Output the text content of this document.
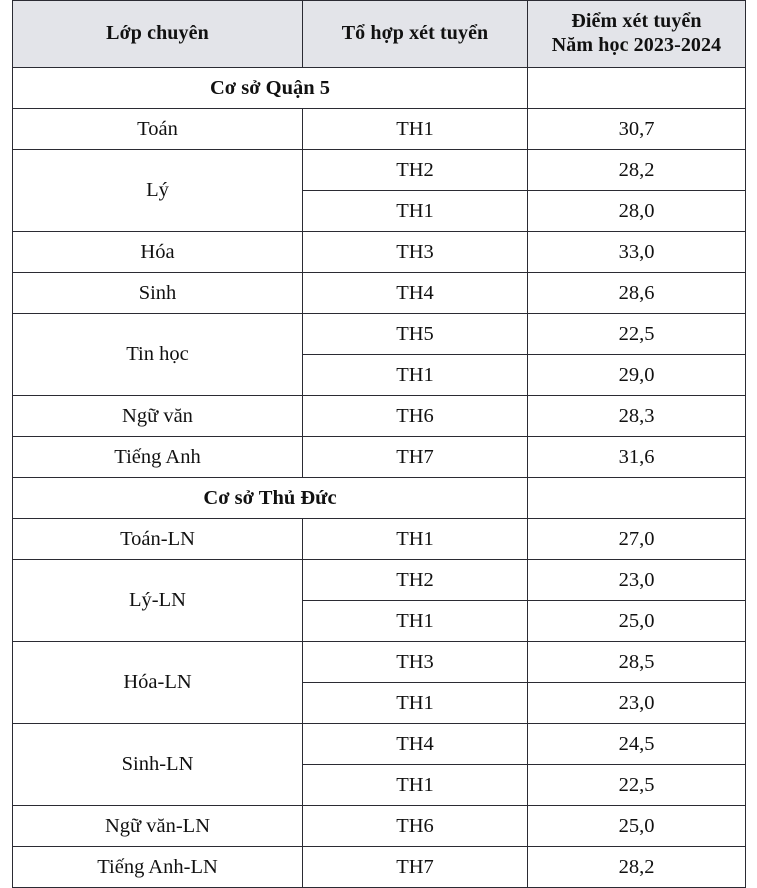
Lớp chuyên	Tổ hợp xét tuyển	Điểm xét tuyển
Năm học 2023-2024

Cơ sở Quận 5		
Toán	TH1	30,7
Lý	TH2	28,2
	TH1	28,0
Hóa	TH3	33,0
Sinh	TH4	28,6
Tin học	TH5	22,5
	TH1	29,0
Ngữ văn	TH6	28,3
Tiếng Anh	TH7	31,6
Cơ sở Thủ Đức		
Toán-LN	TH1	27,0
Lý-LN	TH2	23,0
	TH1	25,0
Hóa-LN	TH3	28,5
	TH1	23,0
Sinh-LN	TH4	24,5
	TH1	22,5
Ngữ văn-LN	TH6	25,0
Tiếng Anh-LN	TH7	28,2
